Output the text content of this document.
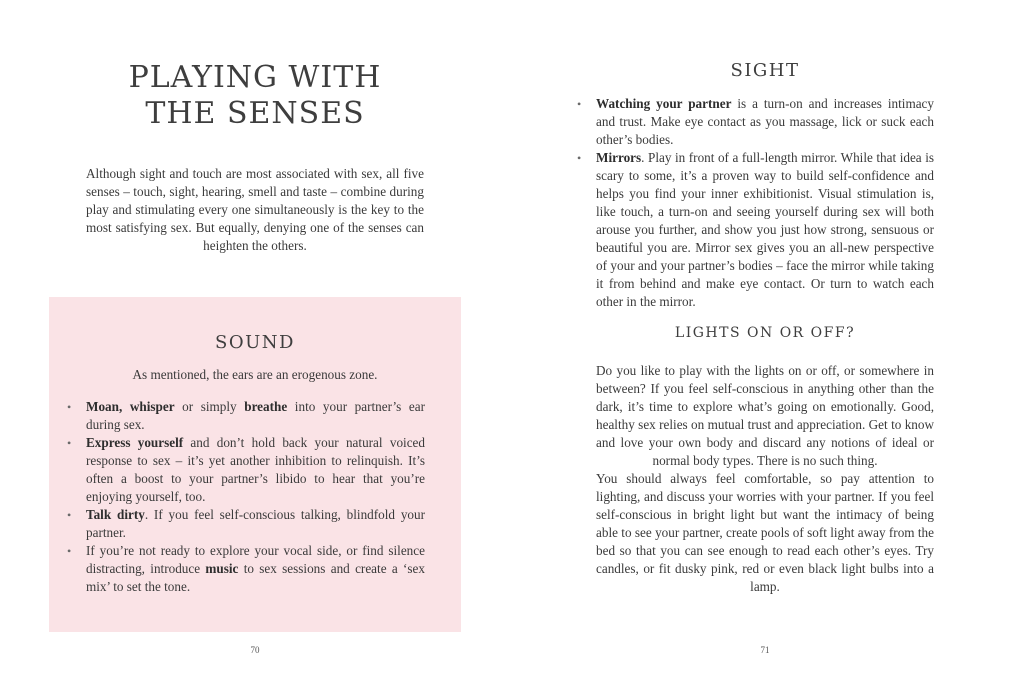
PLAYING WITH
THE SENSES

Although sight and touch are most associated with sex, all five senses – touch, sight, hearing, smell and taste – combine during play and stimulating every one simultaneously is the key to the most satisfying sex. But equally, denying one of the senses can heighten the others.

SOUND

As mentioned, the ears are an erogenous zone.

• Moan, whisper or simply breathe into your partner’s ear during sex.
• Express yourself and don’t hold back your natural voiced response to sex – it’s yet another inhibition to relinquish. It’s often a boost to your partner’s libido to hear that you’re enjoying yourself, too.
• Talk dirty. If you feel self-conscious talking, blindfold your partner.
• If you’re not ready to explore your vocal side, or find silence distracting, introduce music to sex sessions and create a ‘sex mix’ to set the tone.
70
SIGHT
• Watching your partner is a turn-on and increases intimacy and trust. Make eye contact as you massage, lick or suck each other’s bodies.
• Mirrors. Play in front of a full-length mirror. While that idea is scary to some, it’s a proven way to build self-confidence and helps you find your inner exhibitionist. Visual stimulation is, like touch, a turn-on and seeing yourself during sex will both arouse you further, and show you just how strong, sensuous or beautiful you are. Mirror sex gives you an all-new perspective of your and your partner’s bodies – face the mirror while taking it from behind and make eye contact. Or turn to watch each other in the mirror.
LIGHTS ON OR OFF?

Do you like to play with the lights on or off, or somewhere in between? If you feel self-conscious in anything other than the dark, it’s time to explore what’s going on emotionally. Good, healthy sex relies on mutual trust and appreciation. Get to know and love your own body and discard any notions of ideal or normal body types. There is no such thing.

You should always feel comfortable, so pay attention to lighting, and discuss your worries with your partner. If you feel self-conscious in bright light but want the intimacy of being able to see your partner, create pools of soft light away from the bed so that you can see enough to read each other’s eyes. Try candles, or fit dusky pink, red or even black light bulbs into a lamp.

71
